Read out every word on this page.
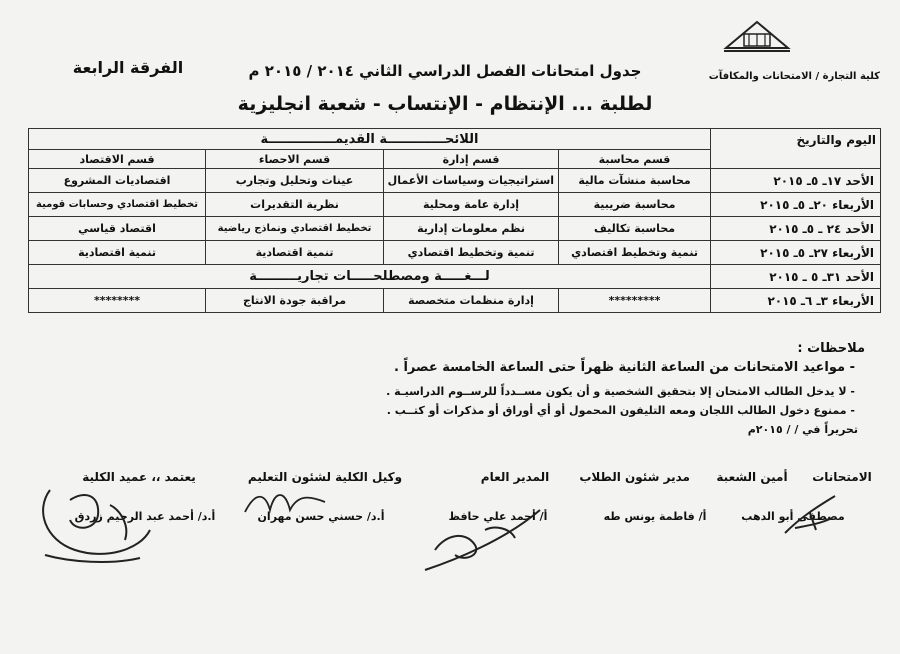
كلية التجارة / الامتحانات والمكافآت
جدول امتحانات الفصل الدراسي الثاني ٢٠١٤ / ٢٠١٥ م
الفرقة الرابعة
لطلبة ... الإنتظام - الإنتساب - شعبة انجليزية
اليوم والتاريخ	اللائحـــــــــــــة القديمـــــــــــــــة			
	قسم محاسبة	قسم إدارة	قسم الاحصاء	قسم الاقتصاد
الأحد ١٧ـ ٥ـ ٢٠١٥	محاسبة منشآت مالية	استراتيجيات وسياسات الأعمال	عينات وتحليل وتجارب	اقتصاديات المشروع
الأربعاء ٢٠ـ ٥ـ ٢٠١٥	محاسبة ضريبية	إدارة عامة ومحلية	نظرية التقديرات	تخطيط اقتصادي وحسابات قومية
الأحد ٢٤ ـ ٥ـ ٢٠١٥	محاسبة تكاليف	نظم معلومات إدارية	تخطيط اقتصادي ونماذج رياضية	اقتصاد قياسي
الأربعاء ٢٧ـ ٥ـ ٢٠١٥	تنمية وتخطيط اقتصادي	تنمية وتخطيط اقتصادي	تنمية اقتصادية	تنمية اقتصادية
الأحد ٣١ـ ٥ ـ ٢٠١٥	لـــغـــــة ومصطلحـــــات تجاريـــــــــة			
الأربعاء ٣ـ ٦ـ ٢٠١٥	*********	إدارة منظمات متخصصة	مراقبة جودة الانتاج	********
ملاحظات :
- مواعيد الامتحانات من الساعة الثانية ظهراً حتى الساعة الخامسة عصراً .
- لا يدخل الطالب الامتحان إلا بتحقيق الشخصية و أن يكون مســدداً للرســوم الدراسيـة .
- ممنوع دخول الطالب اللجان ومعه التليفون المحمول أو أي أوراق أو مذكرات أو كتــب .
تحريراً في / / ٢٠١٥م
الامتحانات
أمين الشعبة
مدير شئون الطلاب
المدير العام
وكيل الكلية لشئون التعليم
يعتمد ،، عميد الكلية
مصطفى أبو الدهب
أ/ فاطمة يونس طه
أ/ أحمد علي حافظ
أ.د/ حسني حسن مهران
أ.د/ أحمد عبد الرحيم زردق
